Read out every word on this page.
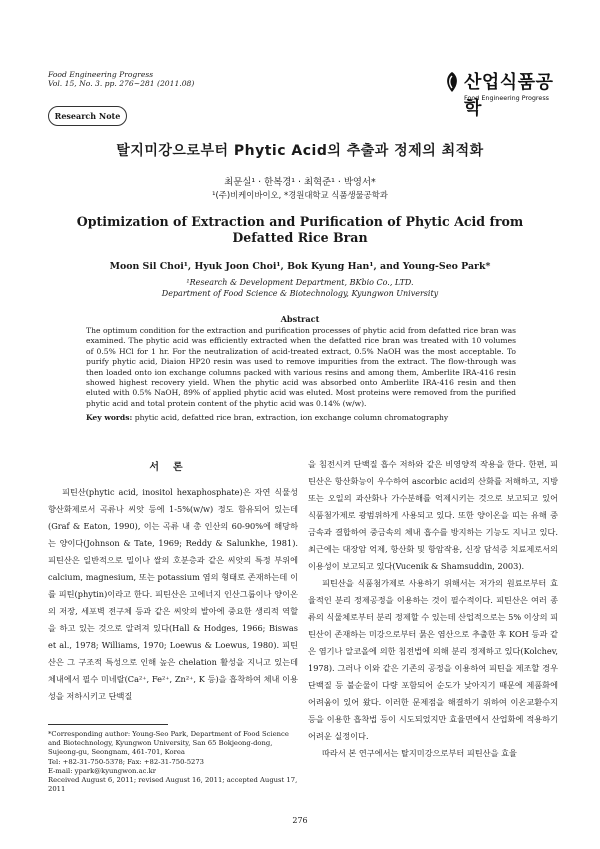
Food Engineering Progress
Vol. 15, No. 3. pp. 276~281 (2011.08)	산업식품공학
Food Engineering Progress
Research Note
탈지미강으로부터 Phytic Acid의 추출과 정제의 최적화
최문실¹ · 한복경¹ · 최혁준¹ · 박영서*
¹(주)비케이바이오, *경원대학교 식품생물공학과
Optimization of Extraction and Purification of Phytic Acid from
Defatted Rice Bran
Moon Sil Choi¹, Hyuk Joon Choi¹, Bok Kyung Han¹, and Young-Seo Park*
¹Research & Development Department, BKbio Co., LTD.
Department of Food Science & Biotechnology, Kyungwon University
Abstract
The optimum condition for the extraction and purification processes of phytic acid from defatted rice bran was examined. The phytic acid was efficiently extracted when the defatted rice bran was treated with 10 volumes of 0.5% HCl for 1 hr. For the neutralization of acid-treated extract, 0.5% NaOH was the most acceptable. To purify phytic acid, Diaion HP20 resin was used to remove impurities from the extract. The flow-through was then loaded onto ion exchange columns packed with various resins and among them, Amberlite IRA-416 resin showed highest recovery yield. When the phytic acid was absorbed onto Amberlite IRA-416 resin and then eluted with 0.5% NaOH, 89% of applied phytic acid was eluted. Most proteins were removed from the purified phytic acid and total protein content of the phytic acid was 0.14% (w/w).
Key words: phytic acid, defatted rice bran, extraction, ion exchange column chromatography
서론

피틴산(phytic acid, inositol hexaphosphate)은 자연 식물성 향산화제로서 곡류나 씨앗 등에 1-5%(w/w) 정도 함유되어 있는데(Graf & Eaton, 1990), 이는 곡류 내 총 인산의 60-90%에 해당하는 양이다(Johnson & Tate, 1969; Reddy & Salunkhe, 1981). 피틴산은 일반적으로 밀이나 쌀의 호분층과 같은 씨앗의 특정 부위에 calcium, magnesium, 또는 potassium 염의 형태로 존재하는데 이를 피틴(phytin)이라고 한다. 피틴산은 고에너지 인산그룹이나 양이온의 저장, 세포벽 전구체 등과 같은 씨앗의 발아에 중요한 생리적 역할을 하고 있는 것으로 알려져 있다(Hall & Hodges, 1966; Biswas et al., 1978; Williams, 1970; Loewus & Loewus, 1980). 피틴산은 그 구조적 특성으로 인해 높은 chelation 활성을 지니고 있는데 체내에서 필수 미네랄(Ca²⁺, Fe²⁺, Zn²⁺, K 등)을 흡착하여 체내 이용성을 저하시키고 단백질

*Corresponding author: Young-Seo Park, Department of Food Science and Biotechnology, Kyungwon University, San 65 Bokjeong-dong, Sujeong-gu, Seongnam, 461-701, Korea
Tel: +82-31-750-5378; Fax: +82-31-750-5273
E-mail: ypark@kyungwon.ac.kr
Received August 6, 2011; revised August 16, 2011; accepted August 17, 2011

을 침전시켜 단백질 흡수 저하와 같은 비영양적 작용을 한다. 한편, 피틴산은 항산화능이 우수하여 ascorbic acid의 산화를 저해하고, 지방 또는 오일의 과산화나 가수분해를 억제시키는 것으로 보고되고 있어 식품첨가제로 광범위하게 사용되고 있다. 또한 양이온을 띠는 유해 중금속과 결합하여 중금속의 체내 흡수를 방지하는 기능도 지니고 있다. 최근에는 대장암 억제, 항산화 및 항암작용, 신장 담석증 치료제로서의 이용성이 보고되고 있다(Vucenik & Shamsuddin, 2003).

피틴산을 식품첨가제로 사용하기 위해서는 저가의 원료로부터 효율적인 분리 정제공정을 이용하는 것이 필수적이다. 피틴산은 여러 종류의 식물체로부터 분리 정제할 수 있는데 산업적으로는 5% 이상의 피틴산이 존재하는 미강으로부터 묽은 염산으로 추출한 후 KOH 등과 같은 염기나 알코올에 의한 침전법에 의해 분리 정제하고 있다(Kolchev, 1978). 그러나 이와 같은 기존의 공정을 이용하여 피틴을 제조할 경우 단백질 등 불순물이 다량 포함되어 순도가 낮아지기 때문에 제품화에 어려움이 있어 왔다. 이러한 문제점을 해결하기 위하여 이온교환수지 등을 이용한 흡착법 등이 시도되었지만 효율면에서 산업화에 적용하기 어려운 실정이다.

따라서 본 연구에서는 탈지미강으로부터 피틴산을 효율

276
